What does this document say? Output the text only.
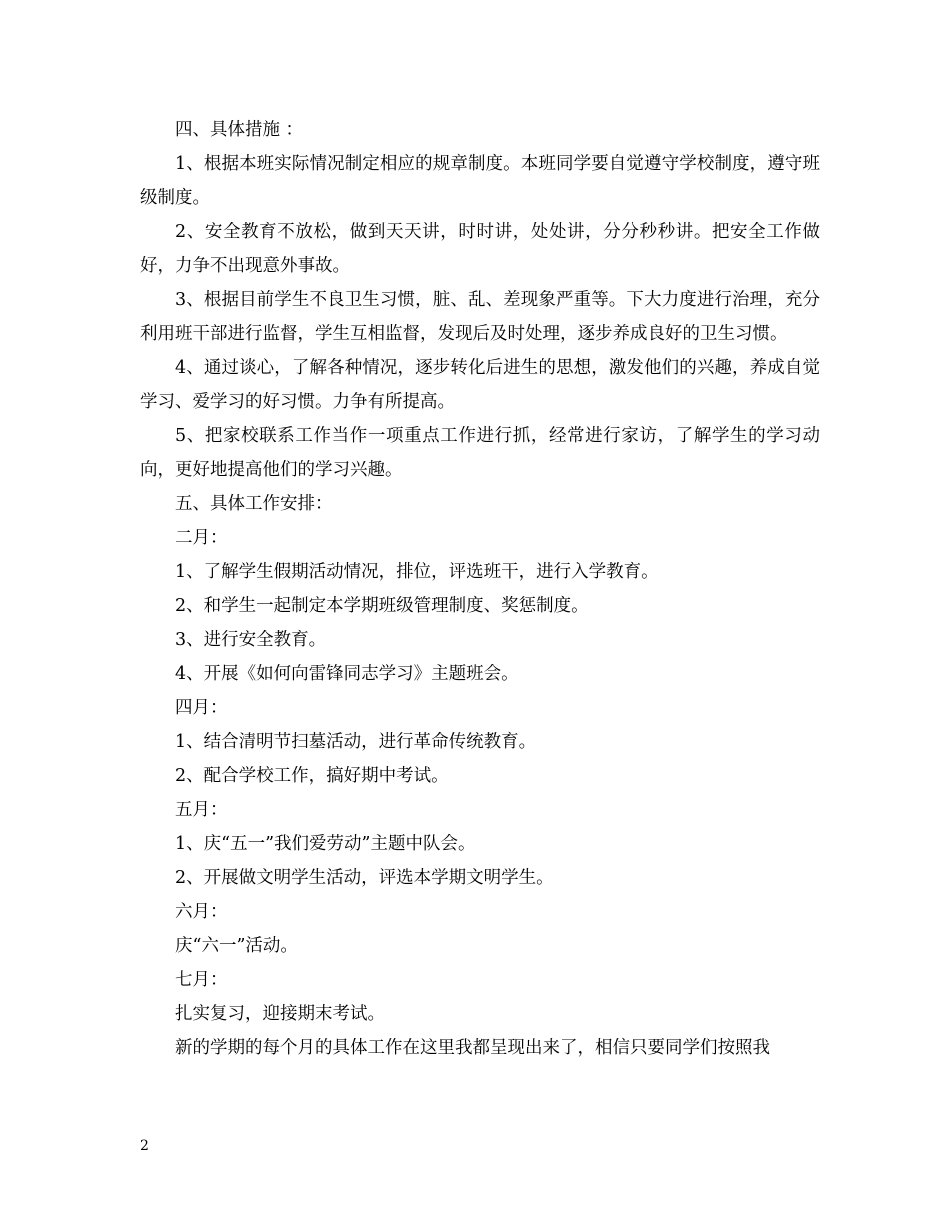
四、具体措施 ：

1、根据本班实际情况制定相应的规章制度。本班同学要自觉遵守学校制度，遵守班级制度。

2、安全教育不放松，做到天天讲，时时讲，处处讲，分分秒秒讲。把安全工作做好，力争不出现意外事故。

3、根据目前学生不良卫生习惯，脏、乱、差现象严重等。下大力度进行治理，充分利用班干部进行监督，学生互相监督，发现后及时处理，逐步养成良好的卫生习惯。

4、通过谈心，了解各种情况，逐步转化后进生的思想，激发他们的兴趣，养成自觉学习、爱学习的好习惯。力争有所提高。

5、把家校联系工作当作一项重点工作进行抓，经常进行家访，了解学生的学习动向，更好地提高他们的学习兴趣。

五、具体工作安排：

二月：

1、了解学生假期活动情况，排位，评选班干，进行入学教育。

2、和学生一起制定本学期班级管理制度、奖惩制度。

3、进行安全教育。

4、开展《如何向雷锋同志学习》主题班会。

四月：

1、结合清明节扫墓活动，进行革命传统教育。

2、配合学校工作，搞好期中考试。

五月：

1、庆“五一”我们爱劳动”主题中队会。

2、开展做文明学生活动，评选本学期文明学生。

六月：

庆“六一”活动。

七月：

扎实复习，迎接期末考试。

新的学期的每个月的具体工作在这里我都呈现出来了，相信只要同学们按照我

2
